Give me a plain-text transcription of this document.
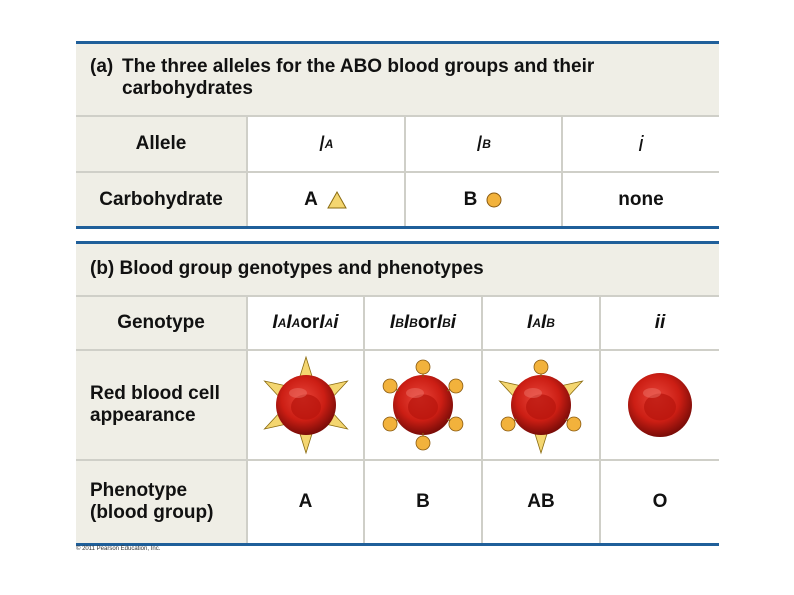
(a) The three alleles for the ABO blood groups and their
carbohydrates
Allele	I A	I B	i
Carbohydrate	A	B	none
(b) Blood group genotypes and phenotypes
Genotype	I A I A or I A i	I B I B or I B i	I A I B	i i
Red blood cell
appearance
Phenotype
(blood group)
A	B	AB	O
© 2011 Pearson Education, Inc.
